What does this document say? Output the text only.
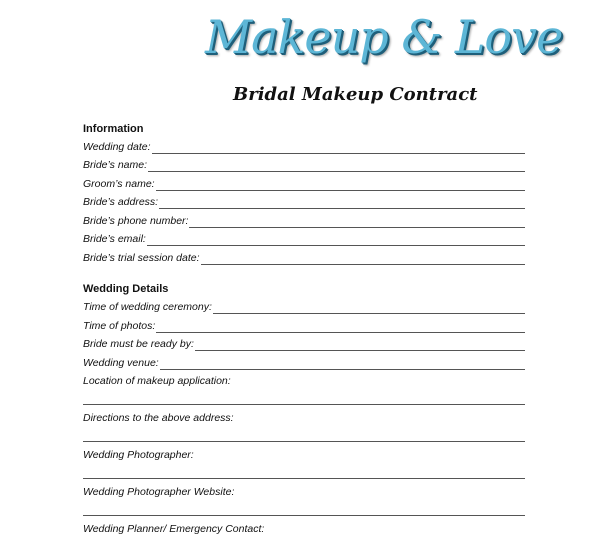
Makeup & Love
Bridal Makeup Contract
Information
Wedding date:
Bride’s name:
Groom’s name:
Bride’s address:
Bride’s phone number:
Bride’s email:
Bride’s trial session date:
Wedding Details
Time of wedding ceremony:
Time of photos:
Bride must be ready by:
Wedding venue:
Location of makeup application:
Directions to the above address:
Wedding Photographer:
Wedding Photographer Website:
Wedding Planner/ Emergency Contact:
